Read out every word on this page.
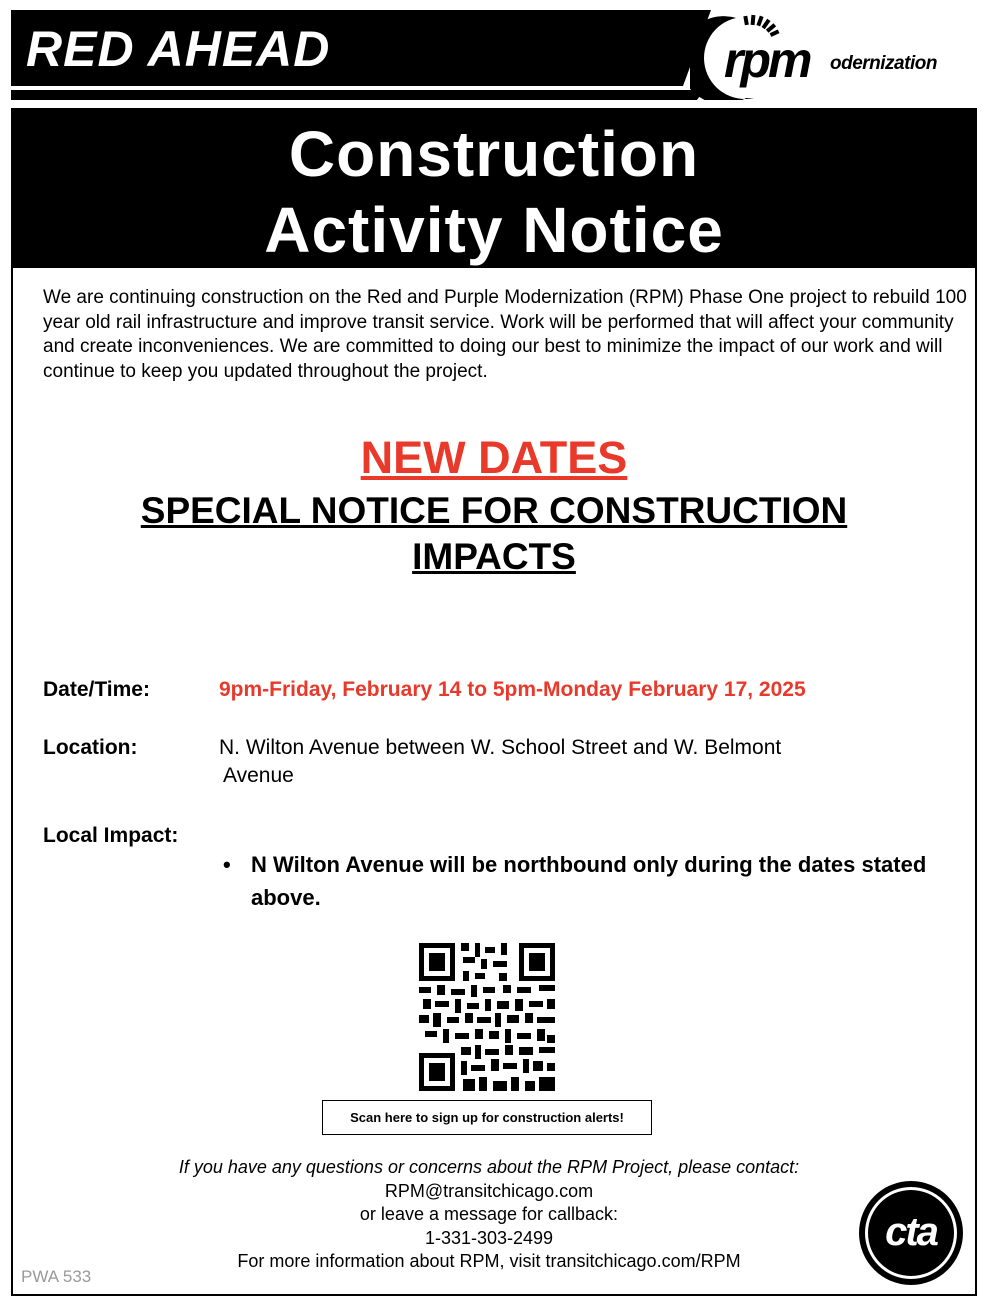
RED AHEAD	rpm odernization
Construction
Activity Notice

We are continuing construction on the Red and Purple Modernization (RPM) Phase One project to rebuild 100 year old rail infrastructure and improve transit service. Work will be performed that will affect your community and create inconveniences. We are committed to doing our best to minimize the impact of our work and will continue to keep you updated throughout the project.

NEW DATES
SPECIAL NOTICE FOR CONSTRUCTION
IMPACTS
Date/Time:	9pm-Friday, February 14 to 5pm-Monday February 17, 2025
Location:	N. Wilton Avenue between W. School Street and W. Belmont
Avenue
Local Impact:
• N Wilton Avenue will be northbound only during the dates stated above.
Scan here to sign up for construction alerts!
If you have any questions or concerns about the RPM Project, please contact:
RPM@transitchicago.com
or leave a message for callback:
1-331-303-2499
For more information about RPM, visit transitchicago.com/RPM
PWA 533
cta
